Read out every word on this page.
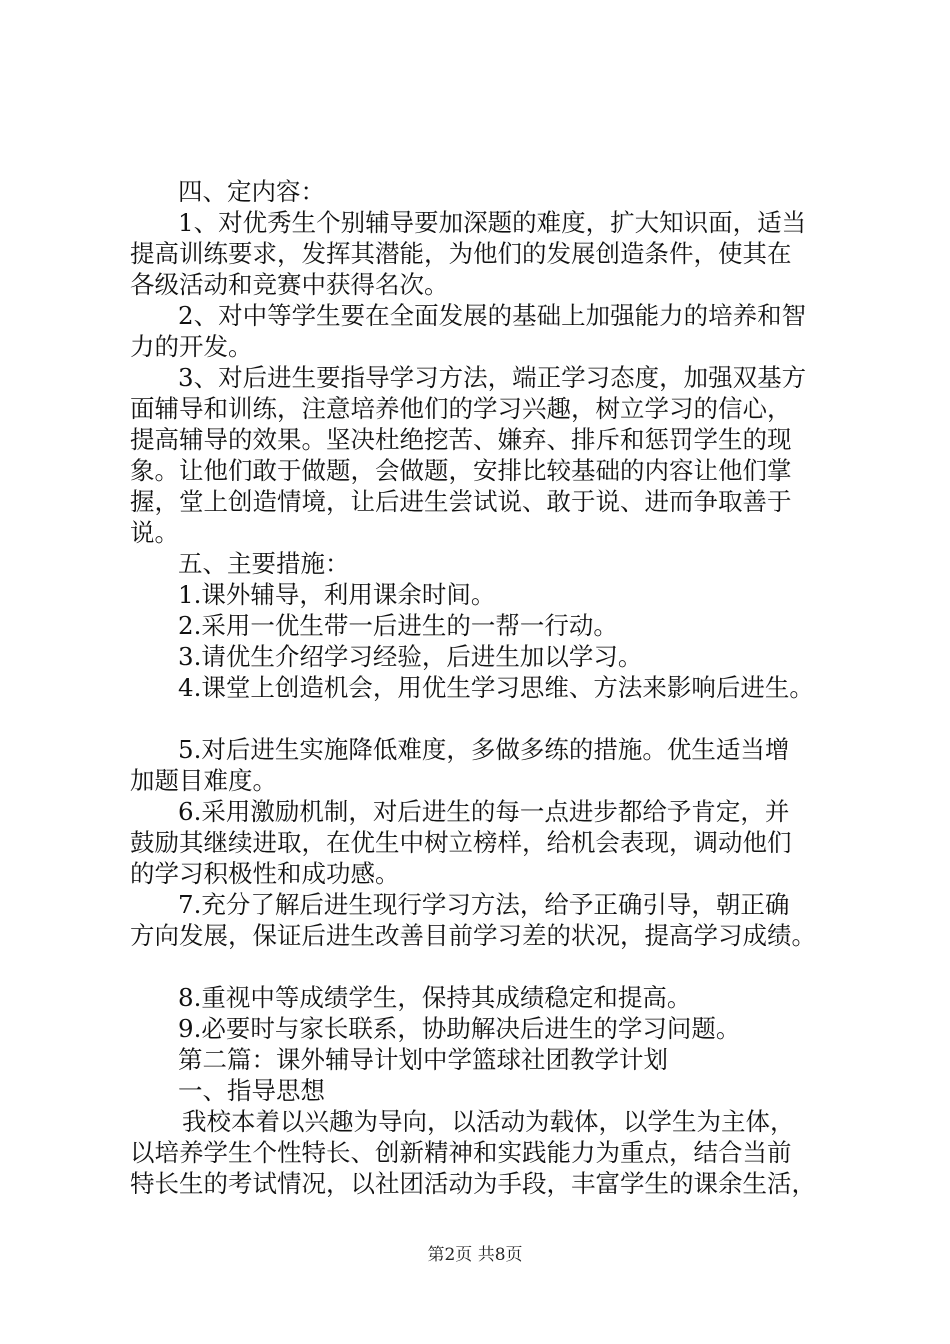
四、定内容：
1、对优秀生个别辅导要加深题的难度，扩大知识面，适当
提高训练要求，发挥其潜能，为他们的发展创造条件，使其在
各级活动和竞赛中获得名次。
2、对中等学生要在全面发展的基础上加强能力的培养和智
力的开发。
3、对后进生要指导学习方法，端正学习态度，加强双基方
面辅导和训练，注意培养他们的学习兴趣，树立学习的信心，
提高辅导的效果。坚决杜绝挖苦、嫌弃、排斥和惩罚学生的现
象。让他们敢于做题，会做题，安排比较基础的内容让他们掌
握，堂上创造情境，让后进生尝试说、敢于说、进而争取善于
说。
五、主要措施：
1.课外辅导，利用课余时间。
2.采用一优生带一后进生的一帮一行动。
3.请优生介绍学习经验，后进生加以学习。
4.课堂上创造机会，用优生学习思维、方法来影响后进生。
5.对后进生实施降低难度，多做多练的措施。优生适当增
加题目难度。
6.采用激励机制，对后进生的每一点进步都给予肯定，并
鼓励其继续进取，在优生中树立榜样，给机会表现，调动他们
的学习积极性和成功感。
7.充分了解后进生现行学习方法，给予正确引导，朝正确
方向发展，保证后进生改善目前学习差的状况，提高学习成绩。
8.重视中等成绩学生，保持其成绩稳定和提高。
9.必要时与家长联系，协助解决后进生的学习问题。
第二篇：课外辅导计划中学篮球社团教学计划
一、指导思想
我校本着以兴趣为导向，以活动为载体，以学生为主体，
以培养学生个性特长、创新精神和实践能力为重点，结合当前
特长生的考试情况，以社团活动为手段，丰富学生的课余生活，
第2页 共8页
